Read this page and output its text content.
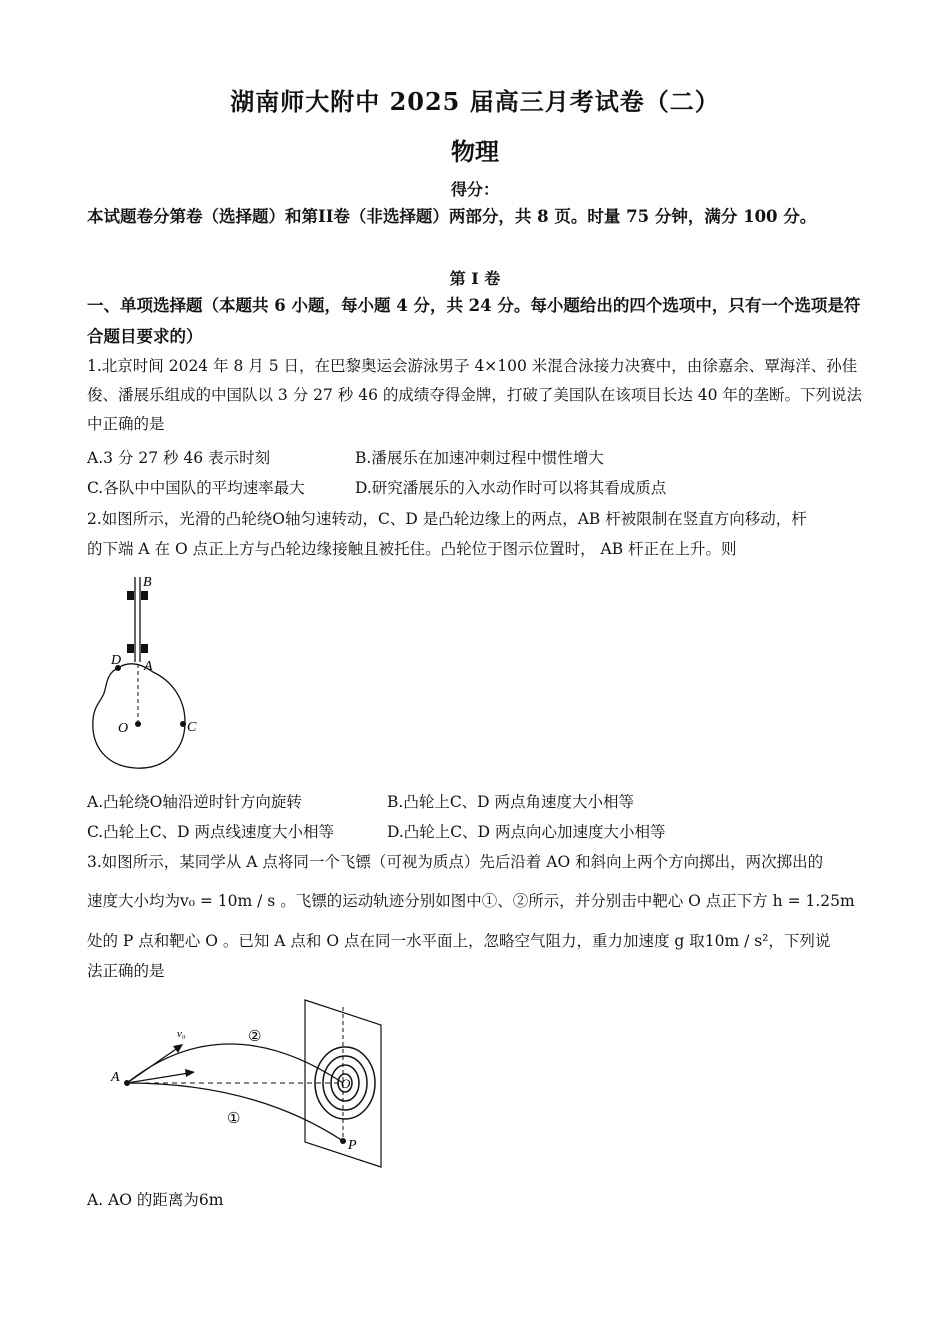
湖南师大附中 2025 届高三月考试卷（二）
物理
得分：
本试题卷分第卷（选择题）和第II卷（非选择题）两部分，共 8 页。时量 75 分钟，满分 100 分。
第 I 卷
一、单项选择题（本题共 6 小题，每小题 4 分，共 24 分。每小题给出的四个选项中，只有一个选项是符合题目要求的）
1.北京时间 2024 年 8 月 5 日，在巴黎奥运会游泳男子 4×100 米混合泳接力决赛中，由徐嘉余、覃海洋、孙佳俊、潘展乐组成的中国队以 3 分 27 秒 46 的成绩夺得金牌，打破了美国队在该项目长达 40 年的垄断。下列说法中正确的是
A.3 分 27 秒 46 表示时刻	B.潘展乐在加速冲刺过程中惯性增大
C.各队中中国队的平均速率最大	D.研究潘展乐的入水动作时可以将其看成质点
2.如图所示，光滑的凸轮绕O轴匀速转动，C、D 是凸轮边缘上的两点，AB 杆被限制在竖直方向移动，杆
的下端 A 在 O 点正上方与凸轮边缘接触且被托住。凸轮位于图示位置时， AB 杆正在上升。则
B
D A
O	C
A.凸轮绕O轴沿逆时针方向旋转	B.凸轮上C、D 两点角速度大小相等
C.凸轮上C、D 两点线速度大小相等	D.凸轮上C、D 两点向心加速度大小相等
3.如图所示，某同学从 A 点将同一个飞镖（可视为质点）先后沿着 AO 和斜向上两个方向掷出，两次掷出的
速度大小均为v₀ = 10m / s 。飞镖的运动轨迹分别如图中①、②所示，并分别击中靶心 O 点正下方 h = 1.25m
处的 P 点和靶心 O 。已知 A 点和 O 点在同一水平面上，忽略空气阻力，重力加速度 g 取10m / s²，下列说
法正确的是
v₀	②
A	O
①
P
A. AO 的距离为6m
